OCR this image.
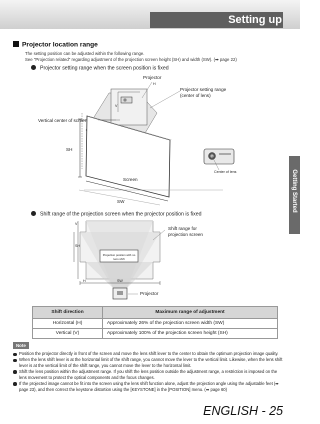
Setting up
Getting Started
Projector location range
The setting position can be adjusted within the following range.
See "Projection related" regarding adjustment of the projection screen height (SH) and width (SW). (➡ page 22)
Projector setting range when the screen position is fixed
Projector
H
V
Projector setting range
(center of lens)
Vertical center of screen
SH
Screen
SW
Center of lens
Shift range of the projection screen when the projector position is fixed
V
SH
Projection position with no lens shift
SW
H
Shift range for
projection screen
Projector
Shift direction	Maximum range of adjustment
Horizontal (H)	Approximately 26% of the projection screen width (SW)
Vertical (V)	Approximately 100% of the projection screen height (SH)
Note
Position the projector directly in front of the screen and move the lens shift lever to the center to obtain the optimum projection image quality.
When the lens shift lever is at the horizontal limit of the shift range, you cannot move the lever to the vertical limit. Likewise, when the lens shift lever is at the vertical limit of the shift range, you cannot move the lever to the horizontal limit.
Shift the lens position within the adjustment range. If you shift the lens position outside the adjustment range, a restriction is imposed on the lens movement to protect the optical components and the focus changes.
If the projected image cannot be fit into the screen using the lens shift function alone, adjust the projection angle using the adjustable feet (➡ page 23), and then correct the keystone distortion using the [KEYSTONE] in the [POSITION] menu. (➡ page 60)
ENGLISH - 25
